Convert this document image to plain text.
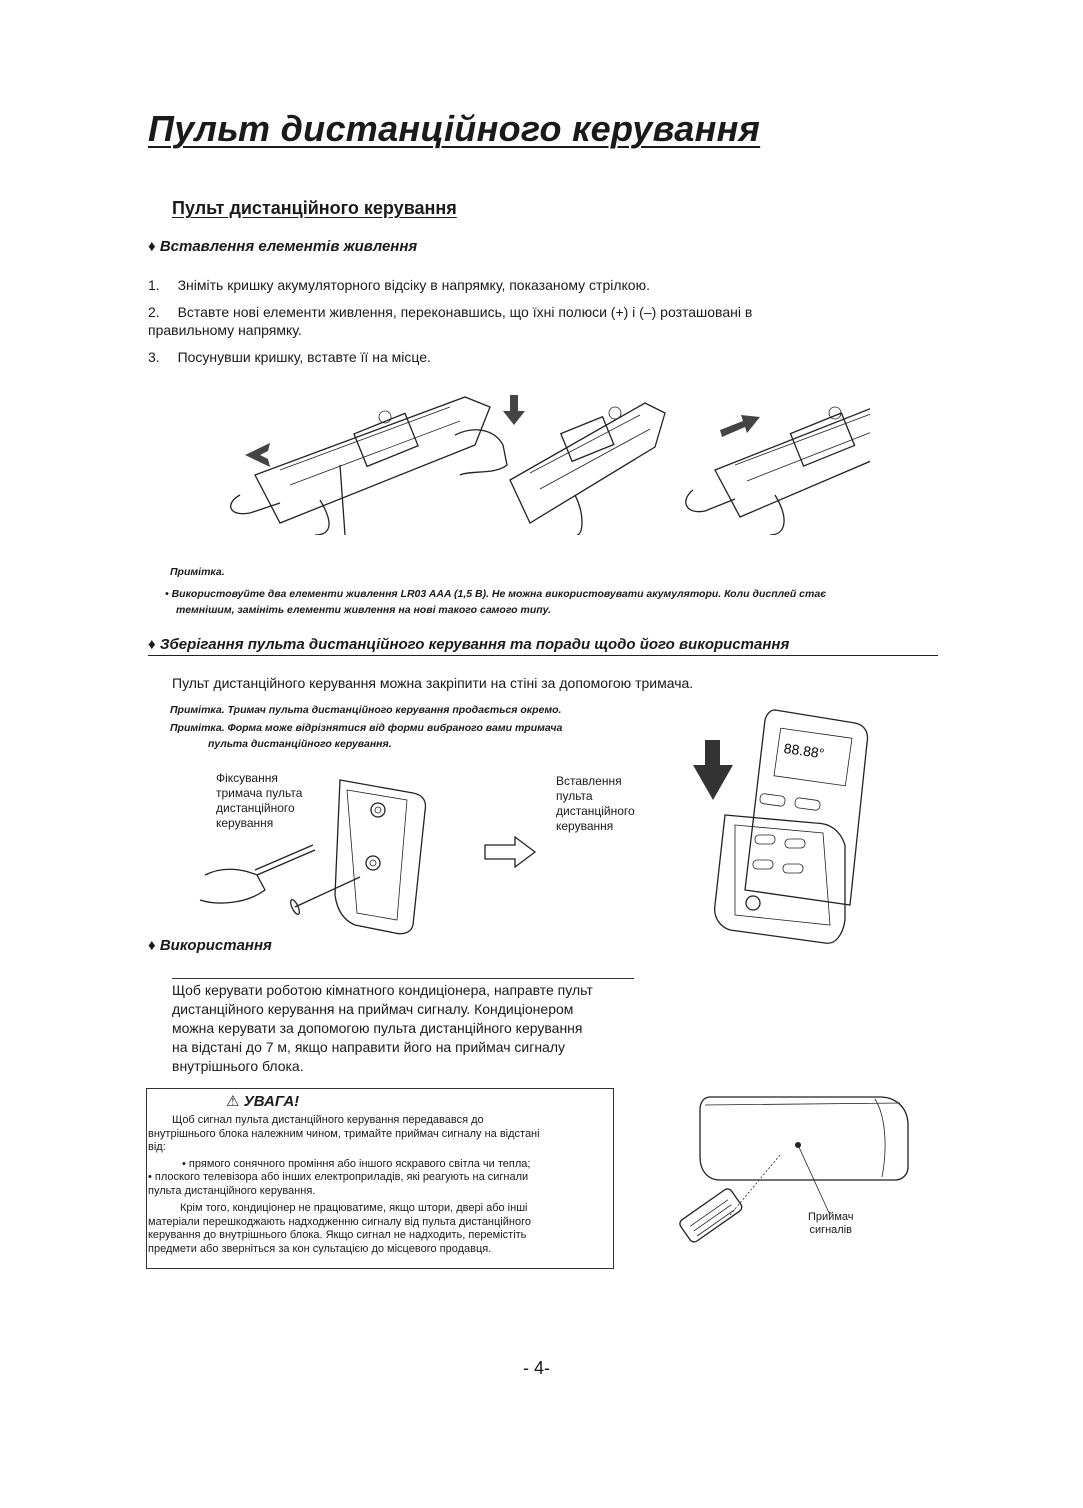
Пульт дистанційного керування
Пульт дистанційного керування
♦ Вставлення елементів живлення
1. Зніміть кришку акумуляторного відсіку в напрямку, показаному стрілкою.
2. Вставте нові елементи живлення, переконавшись, що їхні полюси (+) і (–) розташовані в
правильному напрямку.
3. Посунувши кришку, вставте її на місце.
Примітка.
• Використовуйте два елементи живлення LR03 AAA (1,5 В). Не можна використовувати акумулятори. Коли дисплей стає
темнішим, замініть елементи живлення на нові такого самого типу.
♦ Зберігання пульта дистанційного керування та поради щодо його використання
Пульт дистанційного керування можна закріпити на стіні за допомогою тримача.
Примітка. Тримач пульта дистанційного керування продається окремо.
Примітка. Форма може відрізнятися від форми вибраного вами тримача
пульта дистанційного керування.
Фіксування
тримача пульта
дистанційного
керування
Вставлення
пульта
дистанційного
керування
88.88°
♦ Використання
Щоб керувати роботою кімнатного кондиціонера, направте пульт
дистанційного керування на приймач сигналу. Кондиціонером
можна керувати за допомогою пульта дистанційного керування
на відстані до 7 м, якщо направити його на приймач сигналу
внутрішнього блока.
⚠ УВАГА!
Щоб сигнал пульта дистанційного керування передавався до
внутрішнього блока належним чином, тримайте приймач сигналу на відстані
від:
• прямого сонячного проміння або іншого яскравого світла чи тепла;
• плоского телевізора або інших електроприладів, які реагують на сигнали
пульта дистанційного керування.
Крім того, кондиціонер не працюватиме, якщо штори, двері або інші
матеріали перешкоджають надходженню сигналу від пульта дистанційного
керування до внутрішнього блока. Якщо сигнал не надходить, перемістіть
предмети або зверніться за кон сультацією до місцевого продавця.
Приймач
сигналів
- 4-
